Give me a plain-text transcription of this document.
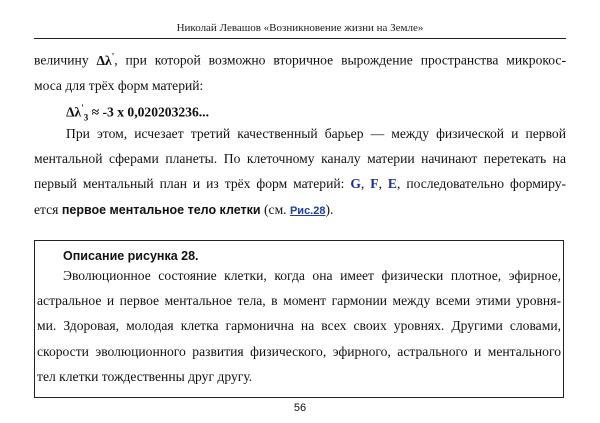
Николай Левашов «Возникновение жизни на Земле»
величину Δλ', при которой возможно вторичное вырождение пространства микрокос-
моса для трёх форм материй:
$\Delta\lambda'_3 \approx -3$ х 0,020203236...
При этом, исчезает третий качественный барьер — между физической и первой
ментальной сферами планеты. По клеточному каналу материи начинают перетекать на
первый ментальный план и из трёх форм материй: G, F, E, последовательно формиру-
ется первое ментальное тело клетки (см. Рис.28).
Описание рисунка 28.
Эволюционное состояние клетки, когда она имеет физически плотное, эфирное,
астральное и первое ментальное тела, в момент гармонии между всеми этими уровня-
ми. Здоровая, молодая клетка гармонична на всех своих уровнях. Другими словами,
скорости эволюционного развития физического, эфирного, астрального и ментального
тел клетки тождественны друг другу.
56
